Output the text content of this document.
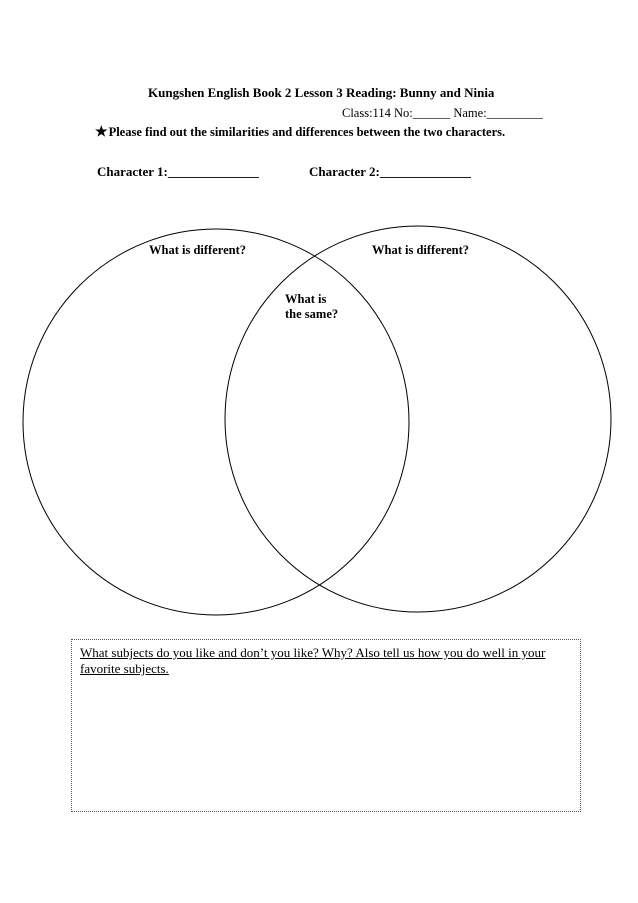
Kungshen English Book 2 Lesson 3 Reading: Bunny and Ninia
Class:114 No:______ Name:_________
★Please find out the similarities and differences between the two characters.
Character 1:______________	Character 2:______________
What is different?	What is different?
What is
the same?
What subjects do you like and don’t you like? Why? Also tell us how you do well in your favorite subjects.
